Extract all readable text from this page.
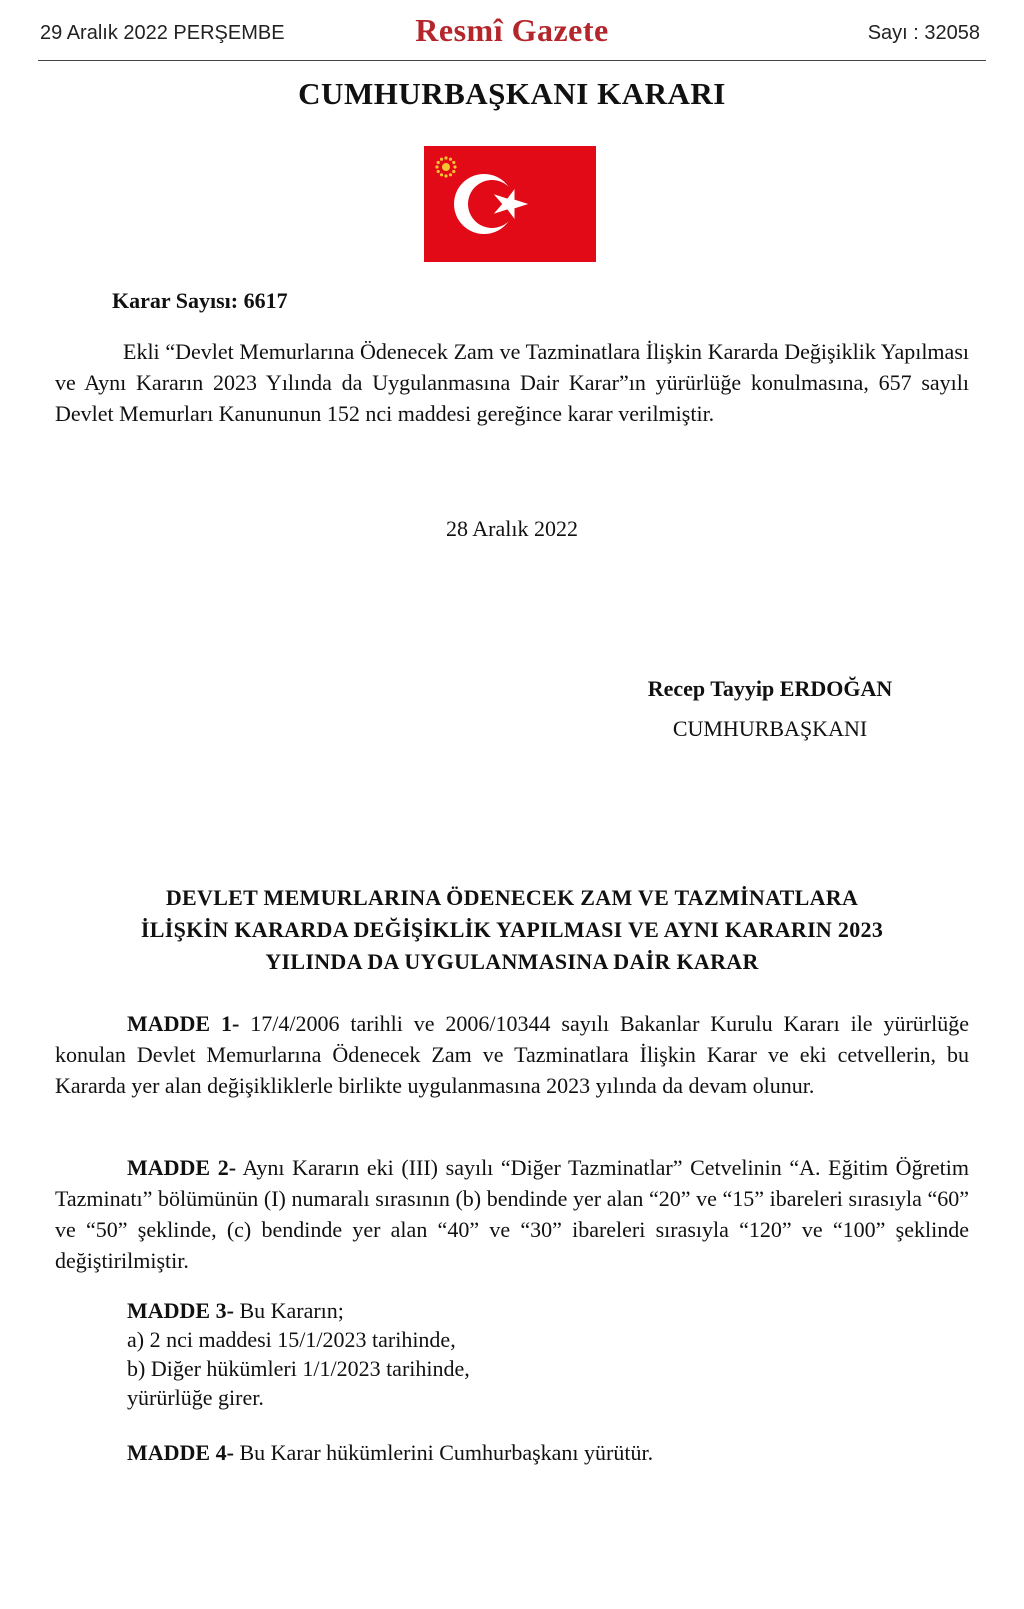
29 Aralık 2022 PERŞEMBE	Resmî Gazete	Sayı : 32058
CUMHURBAŞKANI KARARI
Karar Sayısı: 6617

Ekli “Devlet Memurlarına Ödenecek Zam ve Tazminatlara İlişkin Kararda Değişiklik Yapılması ve Aynı Kararın 2023 Yılında da Uygulanmasına Dair Karar”ın yürürlüğe konulmasına, 657 sayılı Devlet Memurları Kanununun 152 nci maddesi gereğince karar verilmiştir.

28 Aralık 2022
Recep Tayyip ERDOĞAN
CUMHURBAŞKANI
DEVLET MEMURLARINA ÖDENECEK ZAM VE TAZMİNATLARA
İLİŞKİN KARARDA DEĞİŞİKLİK YAPILMASI VE AYNI KARARIN 2023
YILINDA DA UYGULANMASINA DAİR KARAR

MADDE 1- 17/4/2006 tarihli ve 2006/10344 sayılı Bakanlar Kurulu Kararı ile yürürlüğe konulan Devlet Memurlarına Ödenecek Zam ve Tazminatlara İlişkin Karar ve eki cetvellerin, bu Kararda yer alan değişikliklerle birlikte uygulanmasına 2023 yılında da devam olunur.

MADDE 2- Aynı Kararın eki (III) sayılı “Diğer Tazminatlar” Cetvelinin “A. Eğitim Öğretim Tazminatı” bölümünün (I) numaralı sırasının (b) bendinde yer alan “20” ve “15” ibareleri sırasıyla “60” ve “50” şeklinde, (c) bendinde yer alan “40” ve “30” ibareleri sırasıyla “120” ve “100” şeklinde değiştirilmiştir.

MADDE 3- Bu Kararın;
a) 2 nci maddesi 15/1/2023 tarihinde,
b) Diğer hükümleri 1/1/2023 tarihinde,
yürürlüğe girer.
MADDE 4- Bu Karar hükümlerini Cumhurbaşkanı yürütür.
